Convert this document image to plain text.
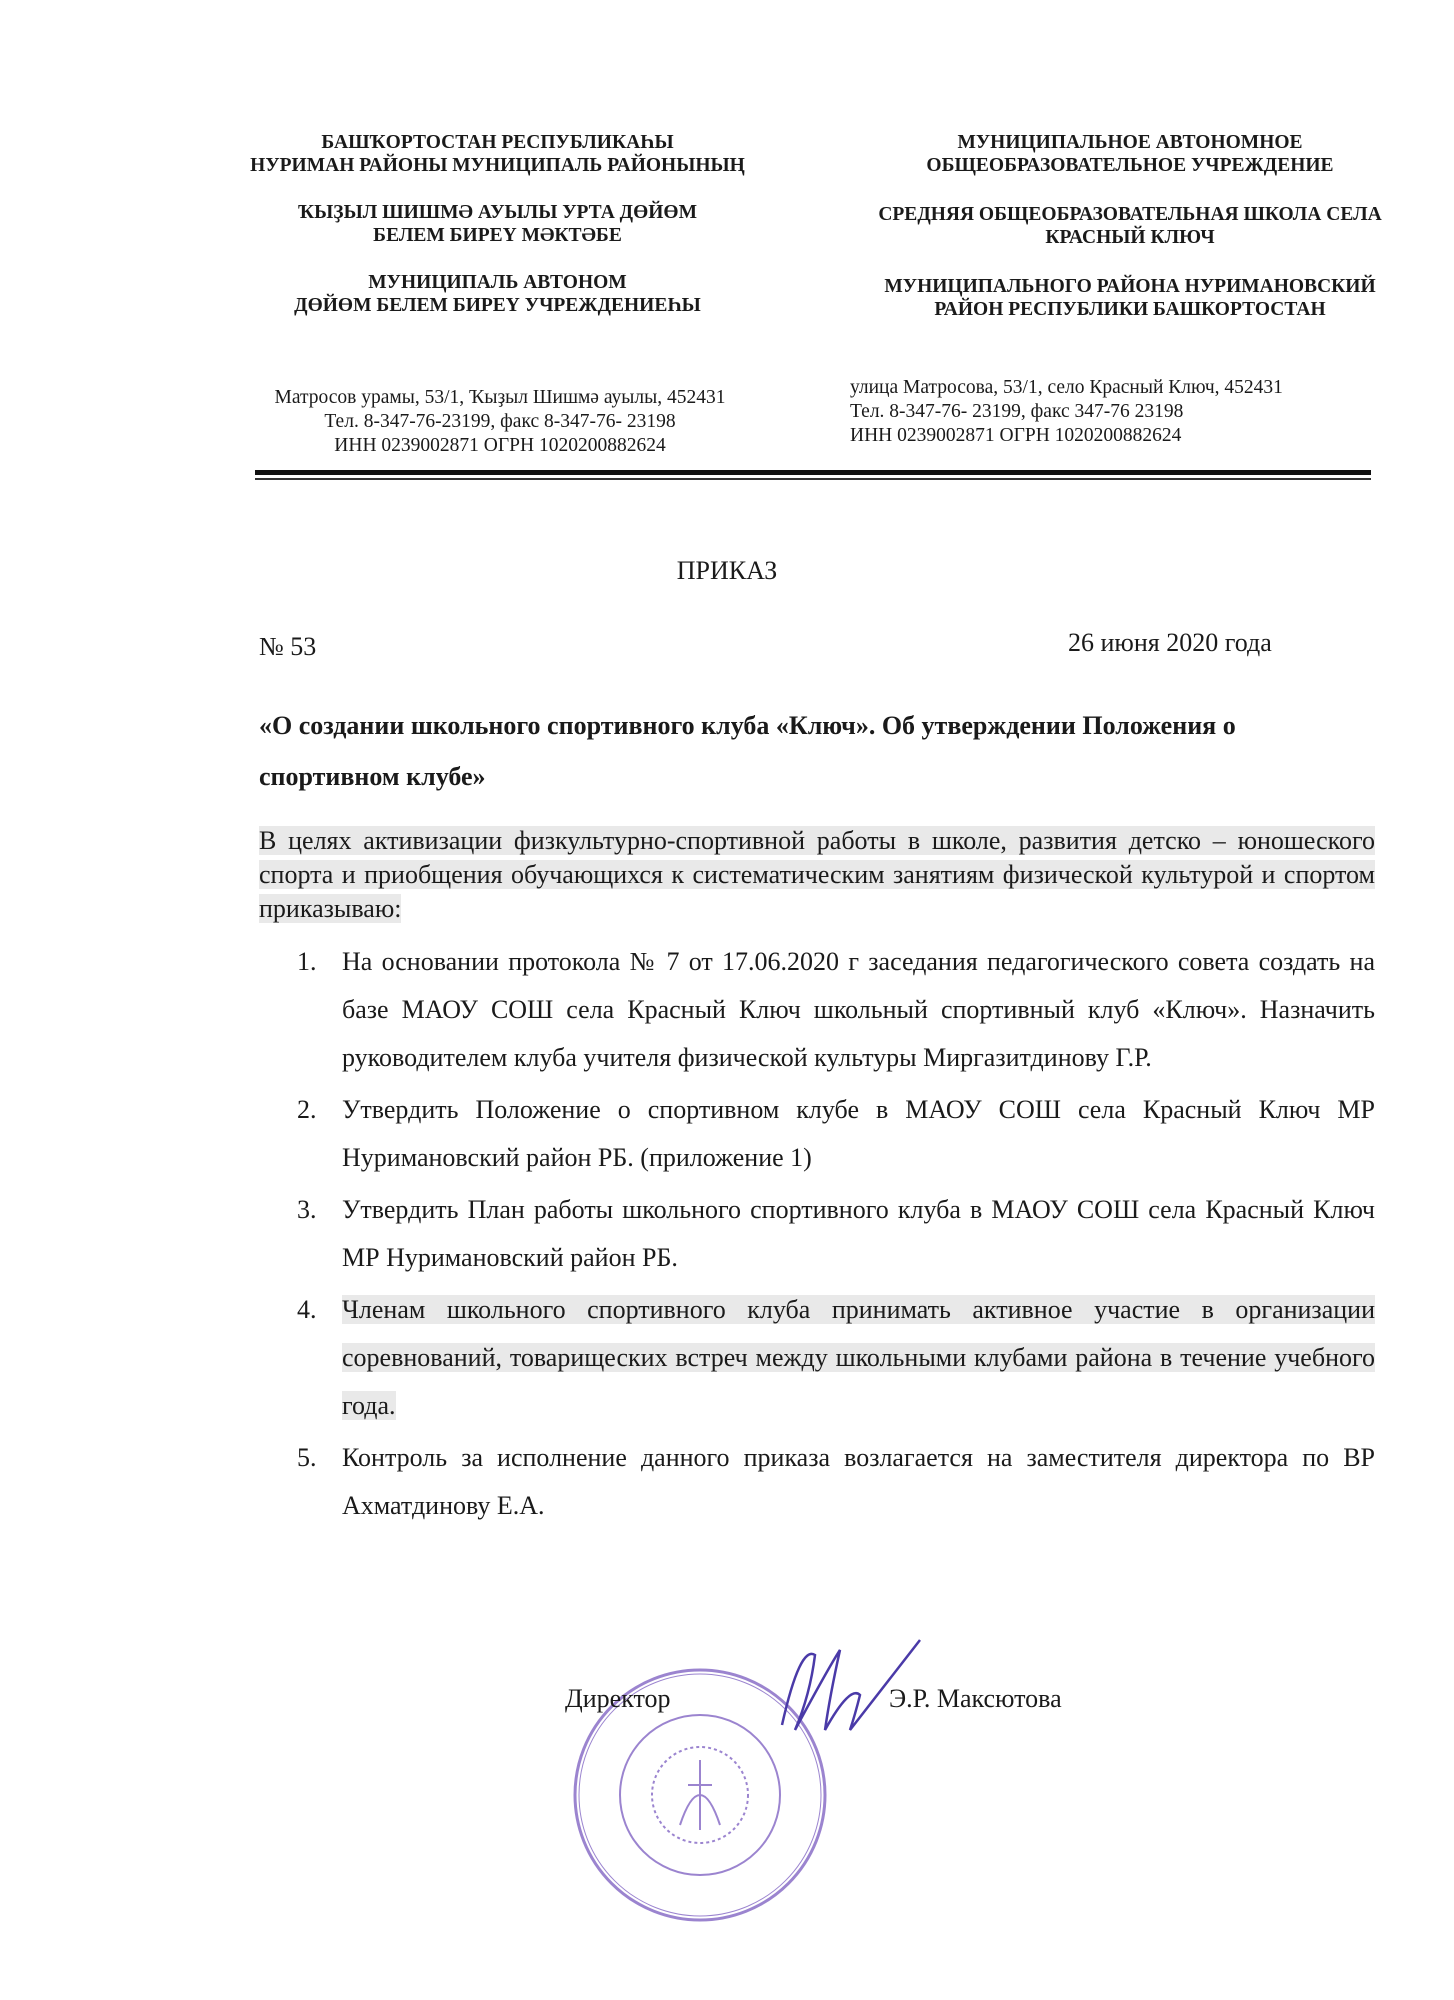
БАШҠОРТОСТАН РЕСПУБЛИКАҺЫ
НУРИМАН РАЙОНЫ МУНИЦИПАЛЬ РАЙОНЫНЫҢ

ҠЫҘЫЛ ШИШМӘ АУЫЛЫ УРТА ДӨЙӨМ
БЕЛЕМ БИРЕҮ МӘКТӘБЕ

МУНИЦИПАЛЬ АВТОНОМ
ДӨЙӨМ БЕЛЕМ БИРЕҮ УЧРЕЖДЕНИЕҺЫ

МУНИЦИПАЛЬНОЕ АВТОНОМНОЕ
ОБЩЕОБРАЗОВАТЕЛЬНОЕ УЧРЕЖДЕНИЕ

СРЕДНЯЯ ОБЩЕОБРАЗОВАТЕЛЬНАЯ ШКОЛА СЕЛА
КРАСНЫЙ КЛЮЧ

МУНИЦИПАЛЬНОГО РАЙОНА НУРИМАНОВСКИЙ
РАЙОН РЕСПУБЛИКИ БАШКОРТОСТАН

Матросов урамы, 53/1, Ҡыҙыл Шишмә ауылы, 452431
Тел. 8-347-76-23199, факс 8-347-76- 23198
ИНН 0239002871 ОГРН 1020200882624
улица Матросова, 53/1, село Красный Ключ, 452431
Тел. 8-347-76- 23199, факс 347-76 23198
ИНН 0239002871 ОГРН 1020200882624
ПРИКАЗ
№ 53	26 июня 2020 года
«О создании школьного спортивного клуба «Ключ». Об утверждении Положения о спортивном клубе»
В целях активизации физкультурно-спортивной работы в школе, развития детско – юношеского спорта и приобщения обучающихся к систематическим занятиям физической культурой и спортом приказываю:
1. На основании протокола № 7 от 17.06.2020 г заседания педагогического совета создать на базе МАОУ СОШ села Красный Ключ школьный спортивный клуб «Ключ». Назначить руководителем клуба учителя физической культуры Миргазитдинову Г.Р.
2. Утвердить Положение о спортивном клубе в МАОУ СОШ села Красный Ключ МР Нуримановский район РБ. (приложение 1)
3. Утвердить План работы школьного спортивного клуба в МАОУ СОШ села Красный Ключ МР Нуримановский район РБ.
4. Членам школьного спортивного клуба принимать активное участие в организации соревнований, товарищеских встреч между школьными клубами района в течение учебного года.
5. Контроль за исполнение данного приказа возлагается на заместителя директора по ВР Ахматдинову Е.А.
Директор	Э.Р. Максютова
